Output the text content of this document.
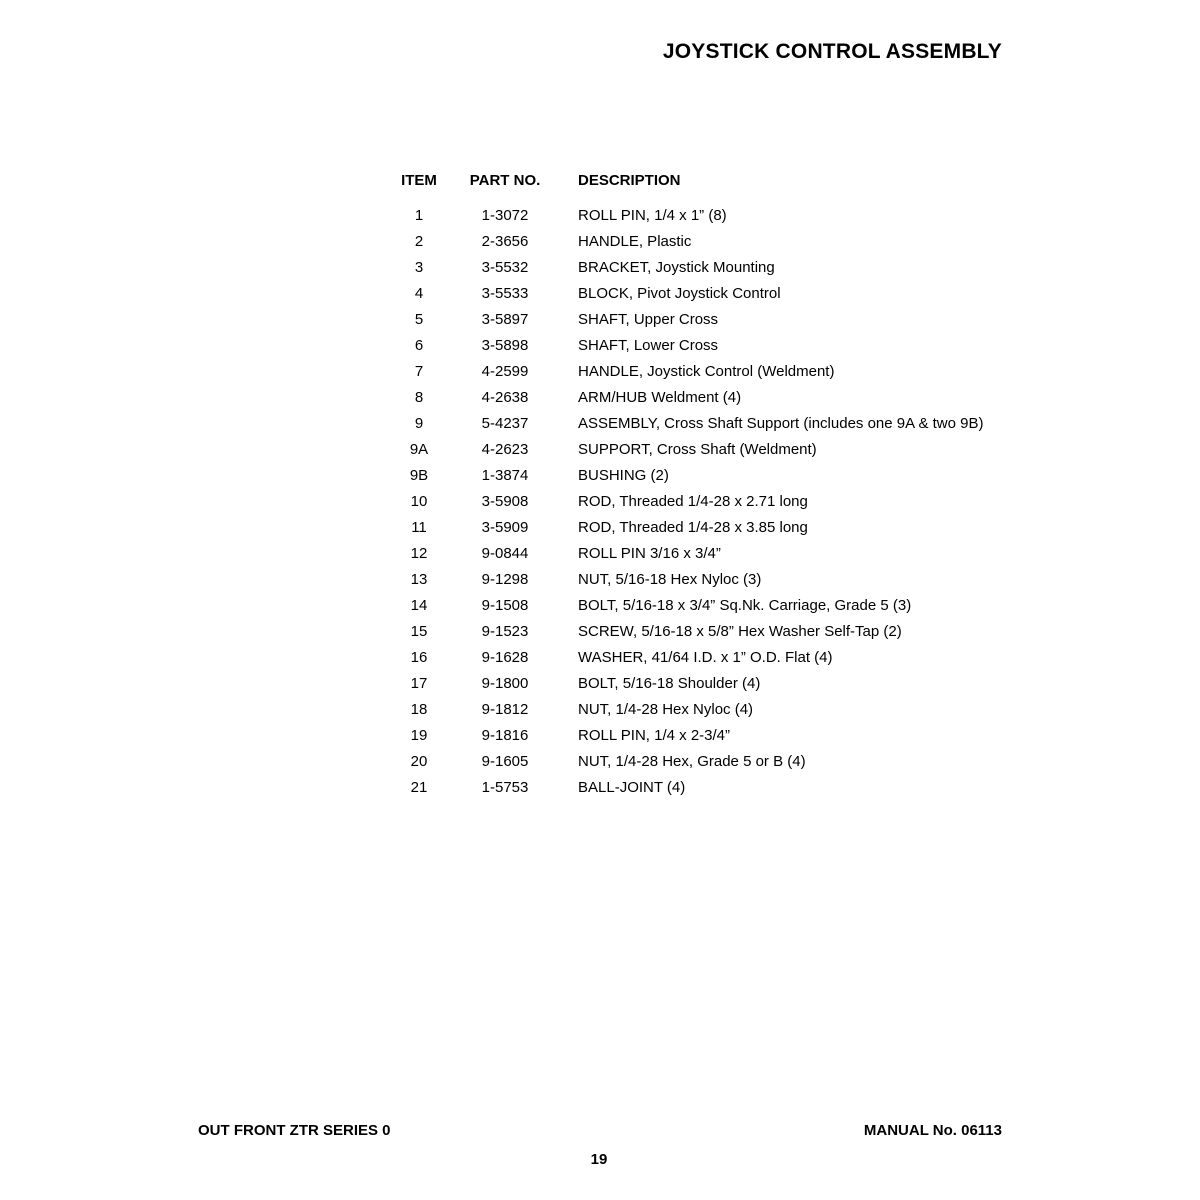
JOYSTICK CONTROL ASSEMBLY
ITEM	PART NO.	DESCRIPTION
1	1-3072	ROLL PIN, 1/4 x 1” (8)
2	2-3656	HANDLE, Plastic
3	3-5532	BRACKET, Joystick Mounting
4	3-5533	BLOCK, Pivot Joystick Control
5	3-5897	SHAFT, Upper Cross
6	3-5898	SHAFT, Lower Cross
7	4-2599	HANDLE, Joystick Control (Weldment)
8	4-2638	ARM/HUB Weldment (4)
9	5-4237	ASSEMBLY, Cross Shaft Support (includes one 9A & two 9B)
9A	4-2623	SUPPORT, Cross Shaft (Weldment)
9B	1-3874	BUSHING (2)
10	3-5908	ROD, Threaded 1/4-28 x 2.71 long
11	3-5909	ROD, Threaded 1/4-28 x 3.85 long
12	9-0844	ROLL PIN 3/16 x 3/4”
13	9-1298	NUT, 5/16-18 Hex Nyloc (3)
14	9-1508	BOLT, 5/16-18 x 3/4” Sq.Nk. Carriage, Grade 5 (3)
15	9-1523	SCREW, 5/16-18 x 5/8” Hex Washer Self-Tap (2)
16	9-1628	WASHER, 41/64 I.D. x 1” O.D. Flat (4)
17	9-1800	BOLT, 5/16-18 Shoulder (4)
18	9-1812	NUT, 1/4-28 Hex Nyloc (4)
19	9-1816	ROLL PIN, 1/4 x 2-3/4”
20	9-1605	NUT, 1/4-28 Hex, Grade 5 or B (4)
21	1-5753	BALL-JOINT (4)
OUT FRONT ZTR SERIES 0	MANUAL No. 06113
19
